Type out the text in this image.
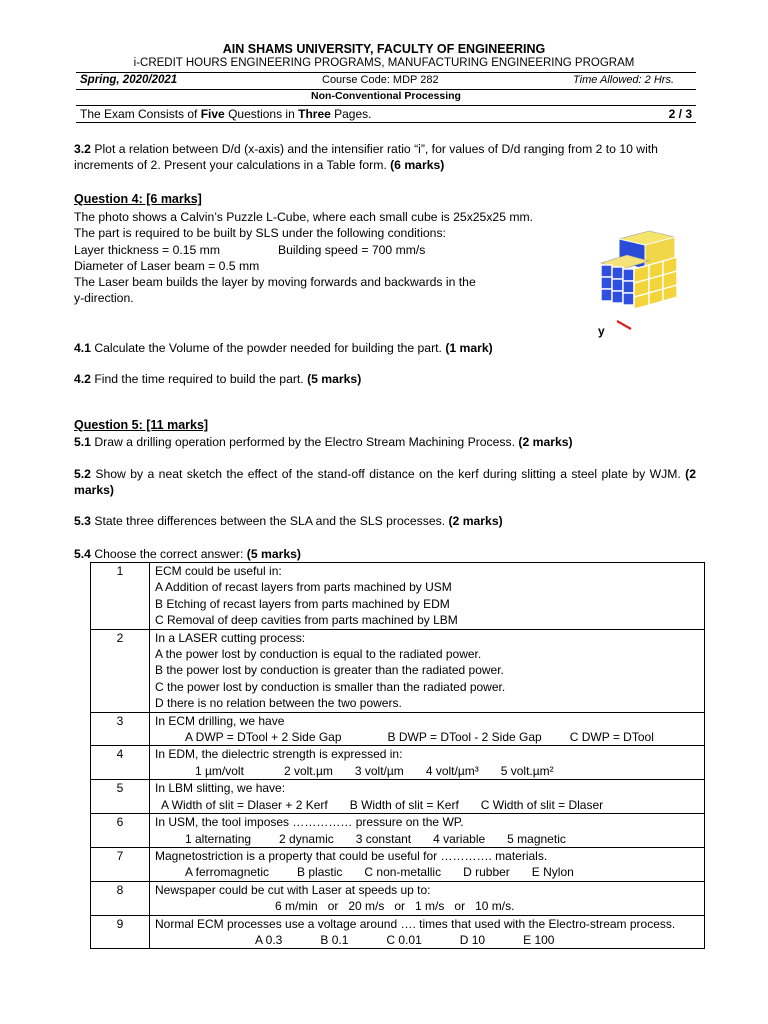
AIN SHAMS UNIVERSITY, FACULTY OF ENGINEERING
i-CREDIT HOURS ENGINEERING PROGRAMS, MANUFACTURING ENGINEERING PROGRAM
Spring, 2020/2021	Course Code: MDP 282	Time Allowed: 2 Hrs.
Non-Conventional Processing
The Exam Consists of Five Questions in Three Pages.	2 / 3
3.2 Plot a relation between D/d (x-axis) and the intensifier ratio “i”, for values of D/d ranging from 2 to 10 with increments of 2. Present your calculations in a Table form. (6 marks)
Question 4: [6 marks]
The photo shows a Calvin’s Puzzle L-Cube, where each small cube is 25x25x25 mm.
The part is required to be built by SLS under the following conditions:
Layer thickness = 0.15 mm	Building speed = 700 mm/s
Diameter of Laser beam = 0.5 mm
The Laser beam builds the layer by moving forwards and backwards in the
y-direction.
y
4.1 Calculate the Volume of the powder needed for building the part. (1 mark)
4.2 Find the time required to build the part. (5 marks)
Question 5: [11 marks]
5.1 Draw a drilling operation performed by the Electro Stream Machining Process. (2 marks)
5.2 Show by a neat sketch the effect of the stand-off distance on the kerf during slitting a steel plate by WJM. (2 marks)
5.3 State three differences between the SLA and the SLS processes. (2 marks)
5.4 Choose the correct answer: (5 marks)
1	ECM could be useful in:
A Addition of recast layers from parts machined by USM
B Etching of recast layers from parts machined by EDM
C Removal of deep cavities from parts machined by LBM

2	In a LASER cutting process:
A the power lost by conduction is equal to the radiated power.
B the power lost by conduction is greater than the radiated power.
C the power lost by conduction is smaller than the radiated power.
D there is no relation between the two powers.

3	In ECM drilling, we have
A DWP = DTool + 2 Side Gap B DWP = DTool - 2 Side Gap C DWP = DTool

4	In EDM, the dielectric strength is expressed in:
1 µm/volt 2 volt.µm 3 volt/µm 4 volt/µm³ 5 volt.µm²

5	In LBM slitting, we have:
A Width of slit = Dlaser + 2 Kerf B Width of slit = Kerf C Width of slit = Dlaser

6	In USM, the tool imposes …………… pressure on the WP.
1 alternating 2 dynamic 3 constant 4 variable 5 magnetic

7	Magnetostriction is a property that could be useful for …………. materials.
A ferromagnetic B plastic C non-metallic D rubber E Nylon

8	Newspaper could be cut with Laser at speeds up to:
6 m/min or 20 m/s or 1 m/s or 10 m/s.

9	Normal ECM processes use a voltage around …. times that used with the Electro-stream process.
A 0.3 B 0.1 C 0.01 D 10 E 100
